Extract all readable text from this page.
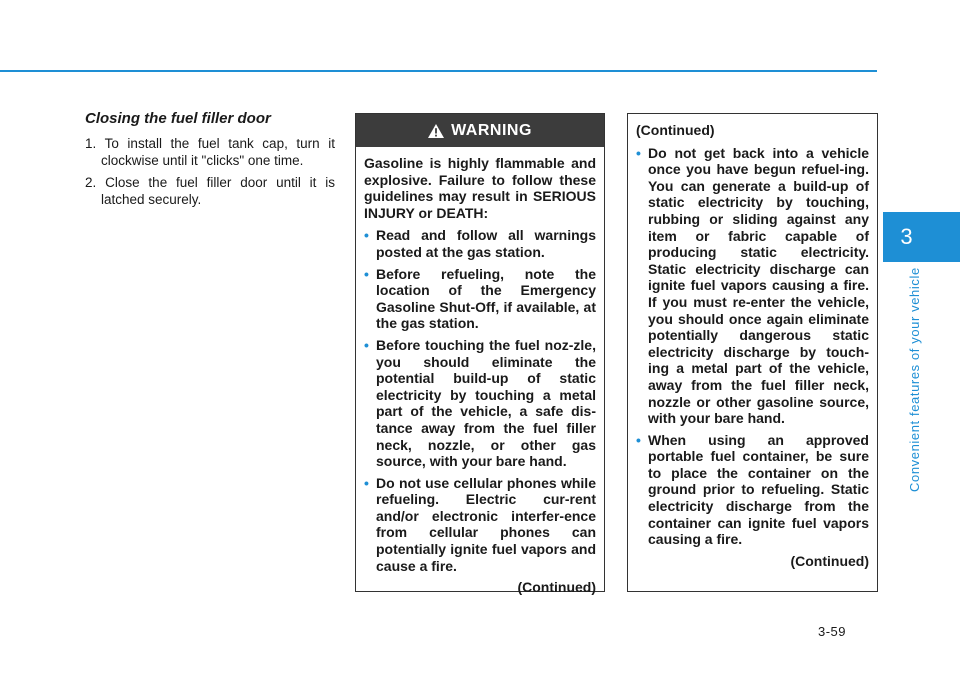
3
Convenient features of your vehicle
Closing the fuel filler door
1. To install the fuel tank cap, turn it clockwise until it "clicks" one time.
2. Close the fuel filler door until it is latched securely.
WARNING

Gasoline is highly flammable and explosive. Failure to follow these guidelines may result in SERIOUS INJURY or DEATH:

• Read and follow all warnings posted at the gas station.
• Before refueling, note the location of the Emergency Gasoline Shut-Off, if available, at the gas station.
• Before touching the fuel noz-zle, you should eliminate the potential build-up of static electricity by touching a metal part of the vehicle, a safe dis-tance away from the fuel filler neck, nozzle, or other gas source, with your bare hand.
• Do not use cellular phones while refueling. Electric cur-rent and/or electronic interfer-ence from cellular phones can potentially ignite fuel vapors and cause a fire.
(Continued)

(Continued)

• Do not get back into a vehicle once you have begun refuel-ing. You can generate a build-up of static electricity by touching, rubbing or sliding against any item or fabric capable of producing static electricity. Static electricity discharge can ignite fuel vapors causing a fire. If you must re-enter the vehicle, you should once again eliminate potentially dangerous static electricity discharge by touch-ing a metal part of the vehicle, away from the fuel filler neck, nozzle or other gasoline source, with your bare hand.
• When using an approved portable fuel container, be sure to place the container on the ground prior to refueling. Static electricity discharge from the container can ignite fuel vapors causing a fire.
(Continued)
3-59
